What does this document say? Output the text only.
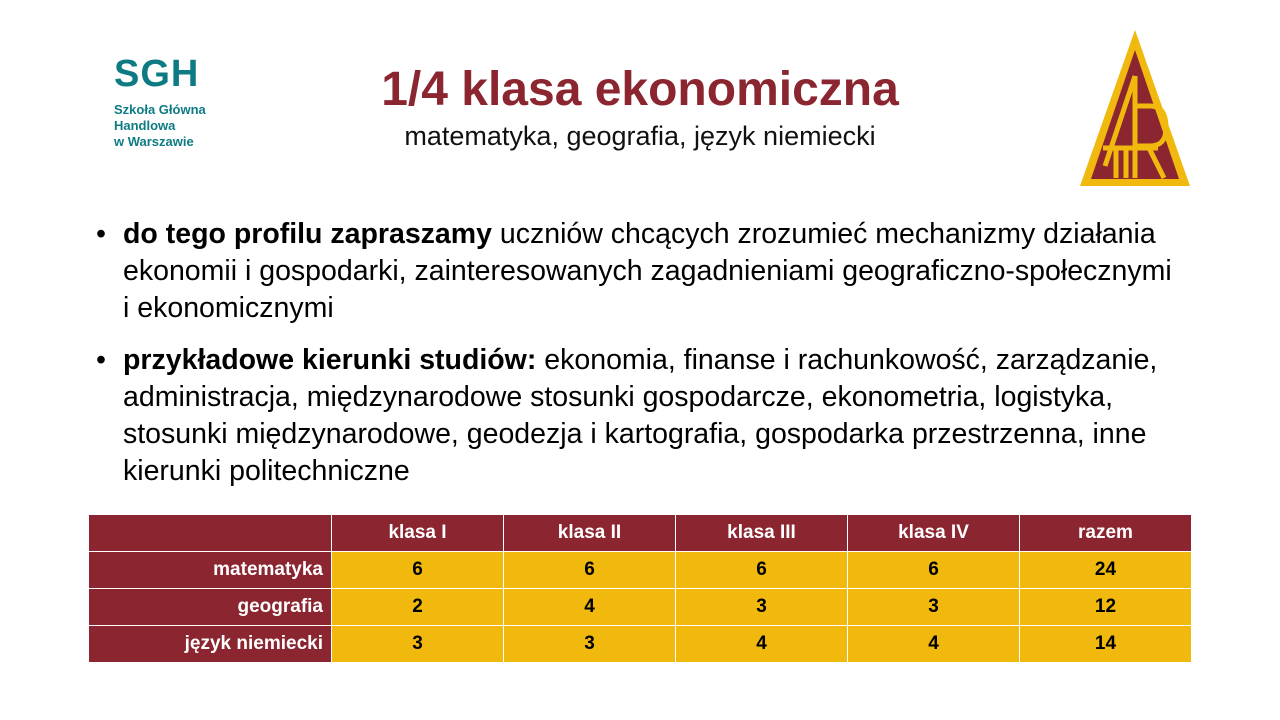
SGH
Szkoła Główna
Handlowa
w Warszawie
1/4 klasa ekonomiczna
matematyka, geografia, język niemiecki
• do tego profilu zapraszamy uczniów chcących zrozumieć mechanizmy działania ekonomii i gospodarki, zainteresowanych zagadnieniami geograficzno-społecznymi i ekonomicznymi
• przykładowe kierunki studiów: ekonomia, finanse i rachunkowość, zarządzanie, administracja, międzynarodowe stosunki gospodarcze, ekonometria, logistyka, stosunki międzynarodowe, geodezja i kartografia, gospodarka przestrzenna, inne kierunki politechniczne
	klasa I	klasa II	klasa III	klasa IV	razem
matematyka	6	6	6	6	24
geografia	2	4	3	3	12
język niemiecki	3	3	4	4	14
